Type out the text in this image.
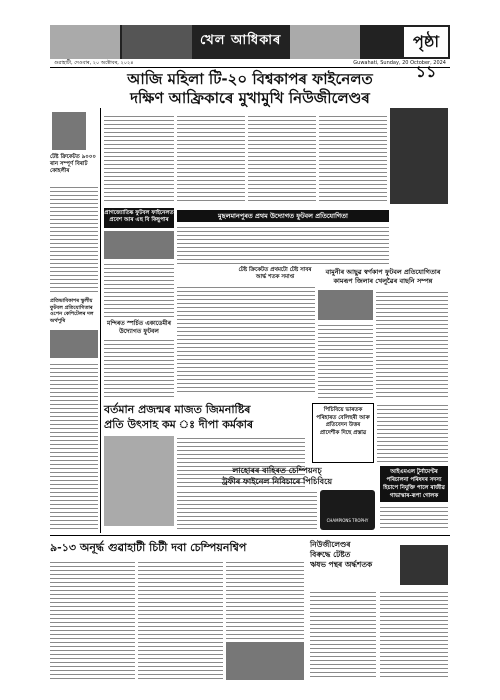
খেল আধিকাৰ	পৃষ্ঠা ১১
INDIA
গুৱাহাটী, দেওবাৰ, ২০ অক্টোবৰ, ২০২৪	Guwahati, Sunday, 20 October, 2024
আজি মহিলা টি-২০ বিশ্বকাপৰ ফাইনেলত
দক্ষিণ আফ্ৰিকাৰে মুখামুখি নিউজীলেণ্ডৰ
টেষ্ট ক্ৰিকেটত ৯০০০ ৰান সম্পূৰ্ণ বিৰাট কোহলীৰ
প্ৰতিভাবিকাশৰ স্কুলীয় ফুটবল প্ৰতিযোগিতাৰ ওপেন কেপিটেলৰ দল অৰ্থপুৰি
প্ৰাগজ্যোতিষ্ক ফুটবল ফাইনেলত প্ৰবেশ আৰ এছ বি কিছুপাৰ
মন্দিৰত স্পৰ্চিত একাডেমীৰ উদ্যোগত ফুটবল
মুছলমানপুৰত প্ৰথম উদ্যোগত ফুটবল প্ৰতিযোগিতা
টেষ্ট ক্ৰিকেটত প্ৰথমটো টেষ্ট সাবৰ আৰ্দ্ধ শতক সমাপ্ত
বামুনীৰ আছুৱ স্বৰ্ণকাপ ফুটবল প্ৰতিযোগিতাৰ কামৰূপ জিলাৰ খেলুৱৈৰ বাছনি সম্পন্ন
বৰ্তমান প্ৰজন্মৰ মাজত জিমনাষ্টিৰ
প্ৰতি উৎসাহ কম ঃ দীপা কৰ্মকাৰ
পিচিবিয়ে ভাৰতক পৰিহাৰত বেলিছৰী আৰু প্ৰতিবেদন উত্তৰ প্ৰাদেশীক দিছে প্ৰস্তাৱ
লাহোৰৰ বাহিৰত চেম্পিয়নচ্
ট্ৰফীৰ ফাইনেল নিবিচাৰে পিচিবিয়ে
CHAMPIONS TROPHY
আইএমএল টুৰ্নামেণ্টৰ
পৰিচালনা পৰিষদৰ সদস্য
হিচাপে নিযুক্তি পালে ৰাজীৱ
গাভাস্কাৰ-ৰূপা গোলক
৯-১৩ অনূৰ্দ্ধ গুৱাহাটী চিটী দবা চেম্পিয়নশ্বিপ	নিউজীলেণ্ডৰ
বিৰুদ্ধে টেষ্টত
ঋষভ পন্থৰ অৰ্দ্ধশতক
